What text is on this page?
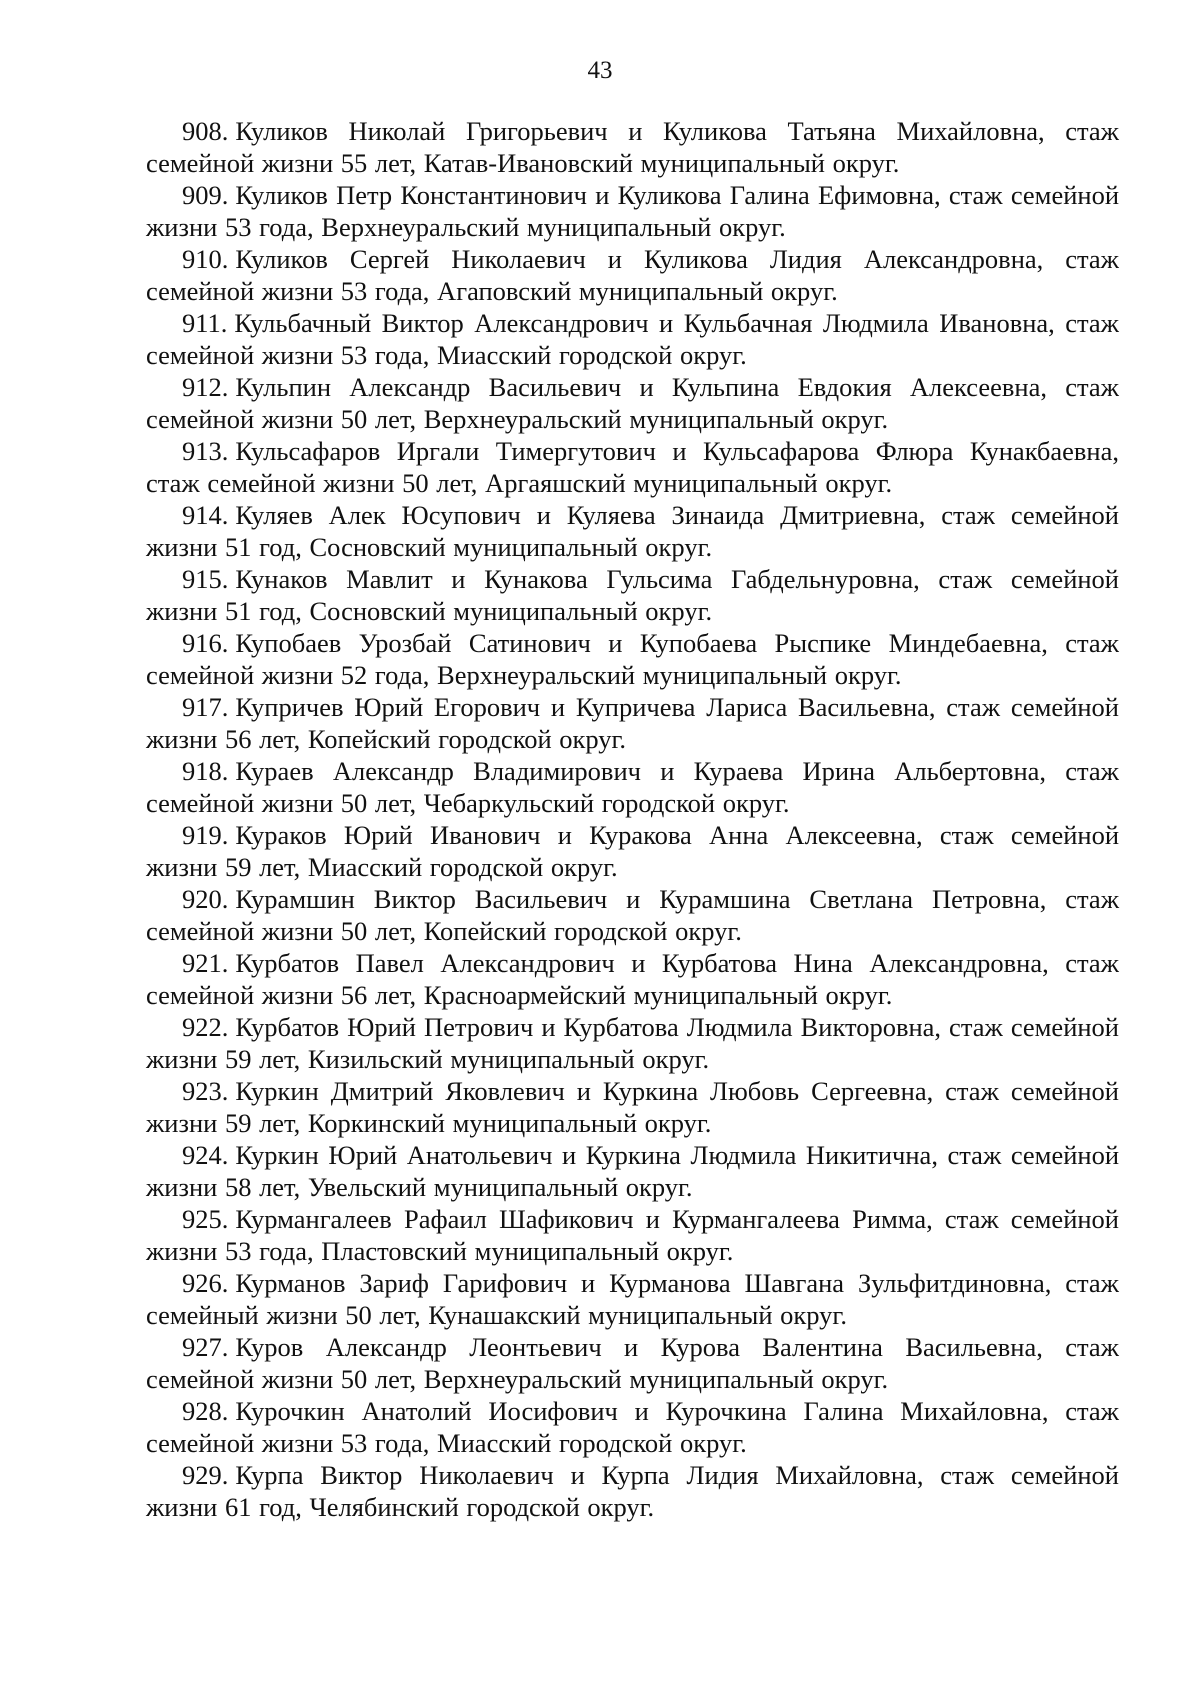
43
908. Куликов Николай Григорьевич и Куликова Татьяна Михайловна, стаж семейной жизни 55 лет, Катав-Ивановский муниципальный округ.
909. Куликов Петр Константинович и Куликова Галина Ефимовна, стаж семейной жизни 53 года, Верхнеуральский муниципальный округ.
910. Куликов Сергей Николаевич и Куликова Лидия Александровна, стаж семейной жизни 53 года, Агаповский муниципальный округ.
911. Кульбачный Виктор Александрович и Кульбачная Людмила Ивановна, стаж семейной жизни 53 года, Миасский городской округ.
912. Кульпин Александр Васильевич и Кульпина Евдокия Алексеевна, стаж семейной жизни 50 лет, Верхнеуральский муниципальный округ.
913. Кульсафаров Иргали Тимергутович и Кульсафарова Флюра Кунакбаевна, стаж семейной жизни 50 лет, Аргаяшский муниципальный округ.
914. Куляев Алек Юсупович и Куляева Зинаида Дмитриевна, стаж семейной жизни 51 год, Сосновский муниципальный округ.
915. Кунаков Мавлит и Кунакова Гульсима Габдельнуровна, стаж семейной жизни 51 год, Сосновский муниципальный округ.
916. Купобаев Урозбай Сатинович и Купобаева Рыспике Миндебаевна, стаж семейной жизни 52 года, Верхнеуральский муниципальный округ.
917. Купричев Юрий Егорович и Купричева Лариса Васильевна, стаж семейной жизни 56 лет, Копейский городской округ.
918. Кураев Александр Владимирович и Кураева Ирина Альбертовна, стаж семейной жизни 50 лет, Чебаркульский городской округ.
919. Кураков Юрий Иванович и Куракова Анна Алексеевна, стаж семейной жизни 59 лет, Миасский городской округ.
920. Курамшин Виктор Васильевич и Курамшина Светлана Петровна, стаж семейной жизни 50 лет, Копейский городской округ.
921. Курбатов Павел Александрович и Курбатова Нина Александровна, стаж семейной жизни 56 лет, Красноармейский муниципальный округ.
922. Курбатов Юрий Петрович и Курбатова Людмила Викторовна, стаж семейной жизни 59 лет, Кизильский муниципальный округ.
923. Куркин Дмитрий Яковлевич и Куркина Любовь Сергеевна, стаж семейной жизни 59 лет, Коркинский муниципальный округ.
924. Куркин Юрий Анатольевич и Куркина Людмила Никитична, стаж семейной жизни 58 лет, Увельский муниципальный округ.
925. Курмангалеев Рафаил Шафикович и Курмангалеева Римма, стаж семейной жизни 53 года, Пластовский муниципальный округ.
926. Курманов Зариф Гарифович и Курманова Шавгана Зульфитдиновна, стаж семейный жизни 50 лет, Кунашакский муниципальный округ.
927. Куров Александр Леонтьевич и Курова Валентина Васильевна, стаж семейной жизни 50 лет, Верхнеуральский муниципальный округ.
928. Курочкин Анатолий Иосифович и Курочкина Галина Михайловна, стаж семейной жизни 53 года, Миасский городской округ.
929. Курпа Виктор Николаевич и Курпа Лидия Михайловна, стаж семейной жизни 61 год, Челябинский городской округ.
